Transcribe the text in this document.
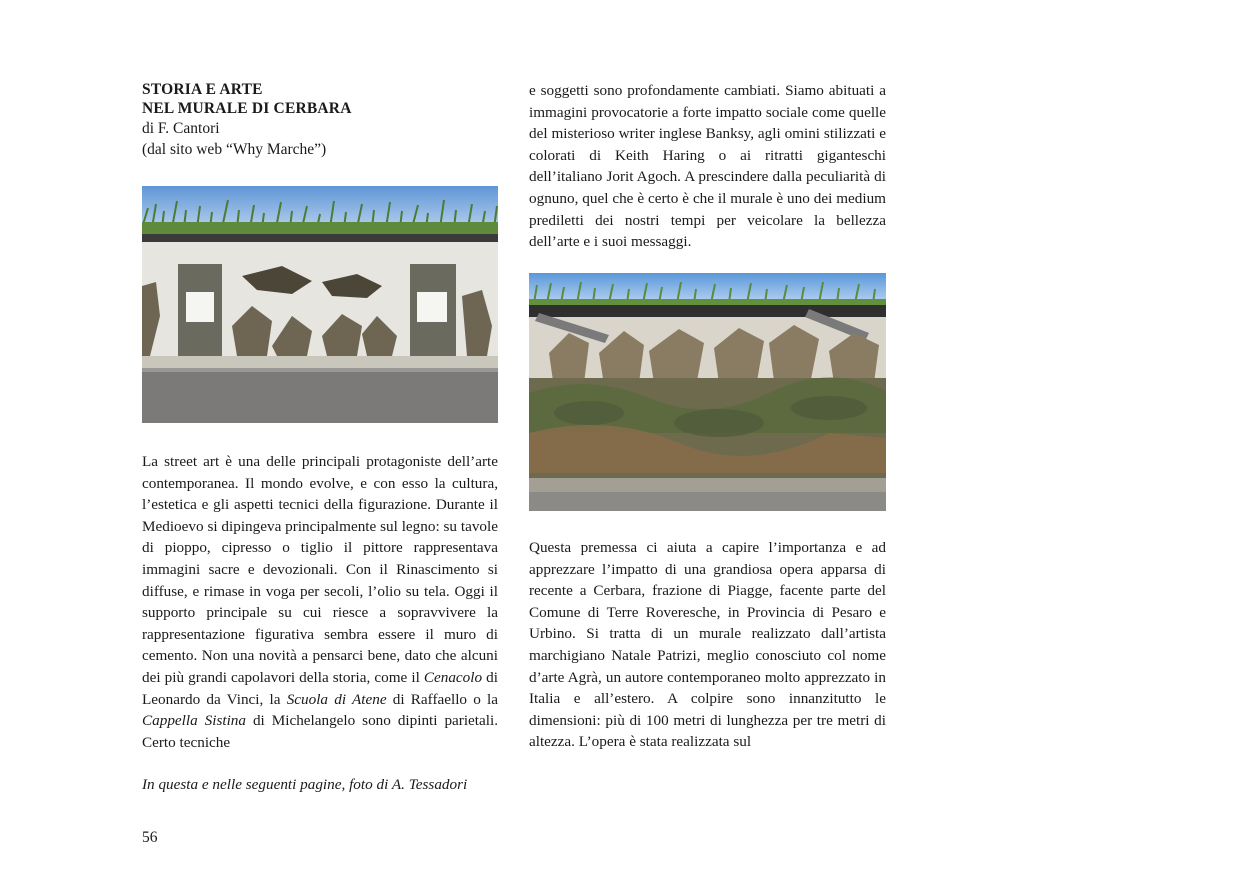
STORIA E ARTE

NEL MURALE DI CERBARA

di F. Cantori

(dal sito web “Why Marche”)

La street art è una delle principali protagoniste dell’arte contemporanea. Il mondo evolve, e con esso la cultura, l’estetica e gli aspetti tecnici della figurazione. Durante il Medioevo si dipingeva principalmente sul legno: su tavole di pioppo, cipresso o tiglio il pittore rappresentava immagini sacre e devozionali. Con il Rinascimento si diffuse, e rimase in voga per secoli, l’olio su tela. Oggi il supporto principale su cui riesce a sopravvivere la rappresentazione figurativa sembra essere il muro di cemento. Non una novità a pensarci bene, dato che alcuni dei più grandi capolavori della storia, come il Cenacolo di Leonardo da Vinci, la Scuola di Atene di Raffaello o la Cappella Sistina di Michelangelo sono dipinti parietali. Certo tecniche

e soggetti sono profondamente cambiati. Siamo abituati a immagini provocatorie a forte impatto sociale come quelle del misterioso writer inglese Banksy, agli omini stilizzati e colorati di Keith Haring o ai ritratti giganteschi dell’italiano Jorit Agoch. A prescindere dalla peculiarità di ognuno, quel che è certo è che il murale è uno dei medium prediletti dei nostri tempi per veicolare la bellezza dell’arte e i suoi messaggi.

Questa premessa ci aiuta a capire l’importanza e ad apprezzare l’impatto di una grandiosa opera apparsa di recente a Cerbara, frazione di Piagge, facente parte del Comune di Terre Roveresche, in Provincia di Pesaro e Urbino. Si tratta di un murale realizzato dall’artista marchigiano Natale Patrizi, meglio conosciuto col nome d’arte Agrà, un autore contemporaneo molto apprezzato in Italia e all’estero. A colpire sono innanzitutto le dimensioni: più di 100 metri di lunghezza per tre metri di altezza. L’opera è stata realizzata sul

In questa e nelle seguenti pagine, foto di A. Tessadori
56
